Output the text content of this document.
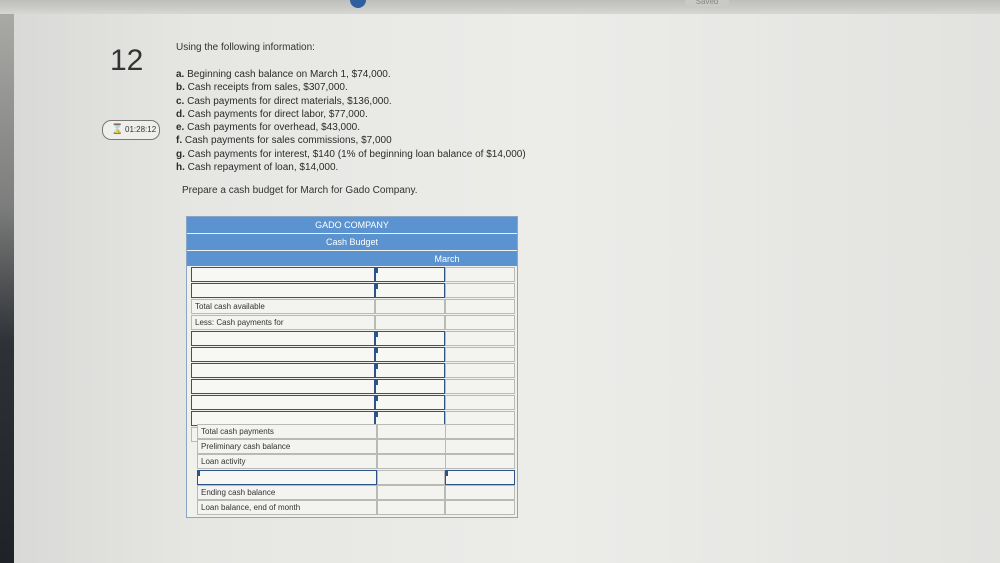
Saved
12
⌛ 01:28:12
Using the following information:
a. Beginning cash balance on March 1, $74,000.
b. Cash receipts from sales, $307,000.
c. Cash payments for direct materials, $136,000.
d. Cash payments for direct labor, $77,000.
e. Cash payments for overhead, $43,000.
f. Cash payments for sales commissions, $7,000
g. Cash payments for interest, $140 (1% of beginning loan balance of $14,000)
h. Cash repayment of loan, $14,000.
Prepare a cash budget for March for Gado Company.
GADO COMPANY
Cash Budget
March
Total cash available
Less: Cash payments for
Total cash payments
Preliminary cash balance
Loan activity
Ending cash balance
Loan balance, end of month
